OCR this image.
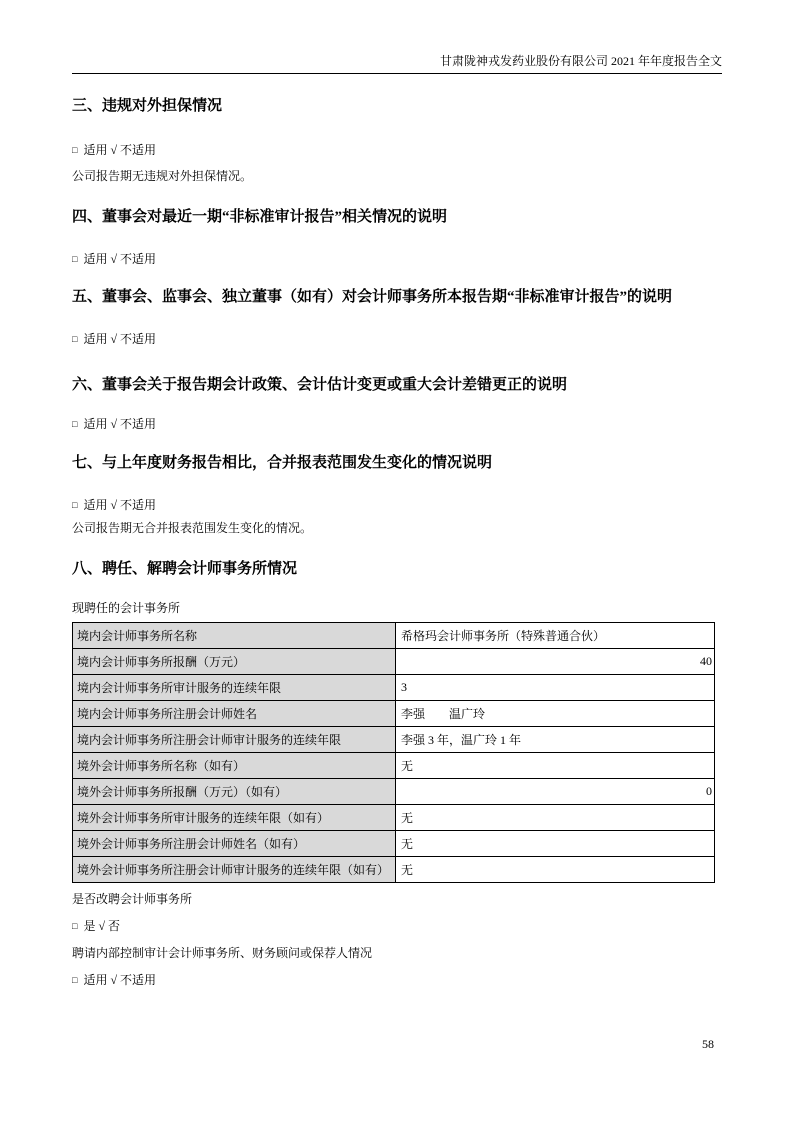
甘肃陇神戎发药业股份有限公司 2021 年年度报告全文
三、违规对外担保情况
□ 适用 √ 不适用
公司报告期无违规对外担保情况。
四、董事会对最近一期“非标准审计报告”相关情况的说明
□ 适用 √ 不适用
五、董事会、监事会、独立董事（如有）对会计师事务所本报告期“非标准审计报告”的说明
□ 适用 √ 不适用
六、董事会关于报告期会计政策、会计估计变更或重大会计差错更正的说明
□ 适用 √ 不适用
七、与上年度财务报告相比，合并报表范围发生变化的情况说明
□ 适用 √ 不适用
公司报告期无合并报表范围发生变化的情况。
八、聘任、解聘会计师事务所情况
现聘任的会计事务所
境内会计师事务所名称	希格玛会计师事务所（特殊普通合伙）
境内会计师事务所报酬（万元）	40
境内会计师事务所审计服务的连续年限	3
境内会计师事务所注册会计师姓名	李强　　温广玲
境内会计师事务所注册会计师审计服务的连续年限	李强 3 年，温广玲 1 年
境外会计师事务所名称（如有）	无
境外会计师事务所报酬（万元）（如有）	0
境外会计师事务所审计服务的连续年限（如有）	无
境外会计师事务所注册会计师姓名（如有）	无
境外会计师事务所注册会计师审计服务的连续年限（如有）	无
是否改聘会计师事务所
□ 是 √ 否
聘请内部控制审计会计师事务所、财务顾问或保荐人情况
□ 适用 √ 不适用
58
